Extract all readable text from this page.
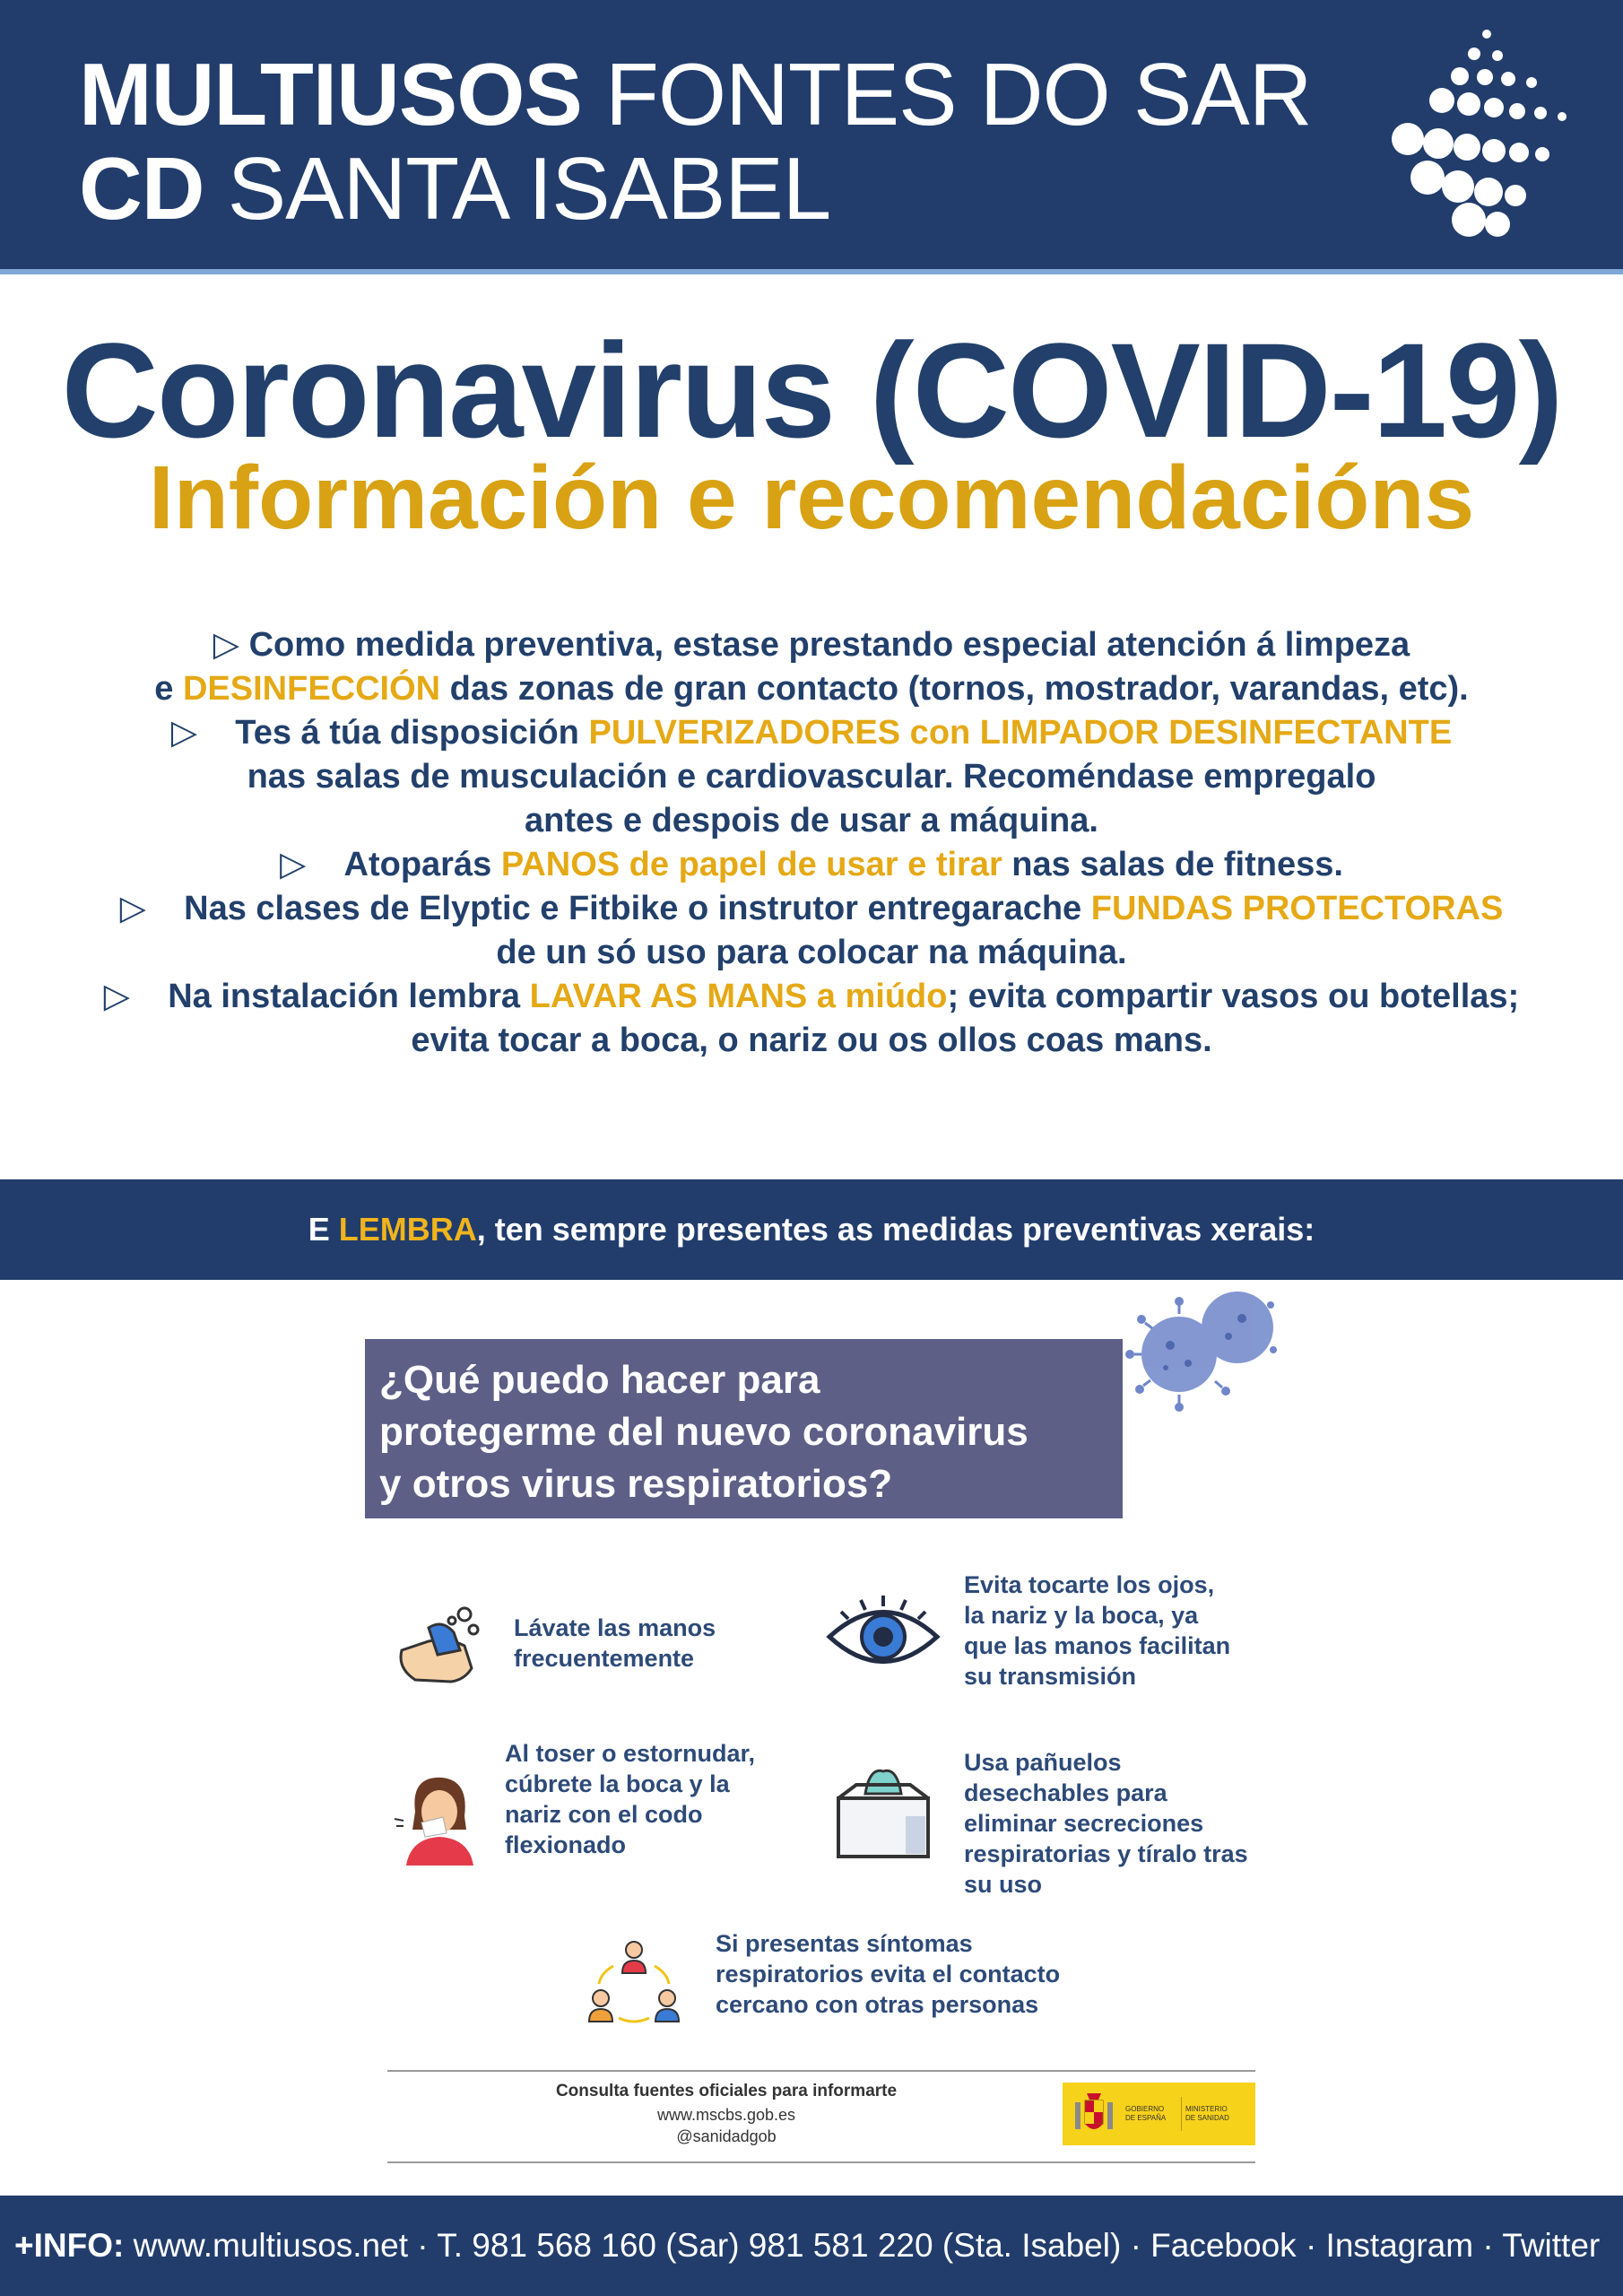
MULTIUSOS FONTES DO SAR
CD SANTA ISABEL
Coronavirus (COVID-19)
Información e recomendacións

▷ Como medida preventiva, estase prestando especial atención á limpeza

e DESINFECCIÓN das zonas de gran contacto (tornos, mostrador, varandas, etc).

▷    Tes á túa disposición PULVERIZADORES con LIMPADOR DESINFECTANTE

nas salas de musculación e cardiovascular. Recoméndase empregalo

antes e despois de usar a máquina.

▷    Atoparás PANOS de papel de usar e tirar nas salas de fitness.

▷    Nas clases de Elyptic e Fitbike o instrutor entregarache FUNDAS PROTECTORAS

de un só uso para colocar na máquina.

▷    Na instalación lembra LAVAR AS MANS a miúdo; evita compartir vasos ou botellas;

evita tocar a boca, o nariz ou os ollos coas mans.

E LEMBRA, ten sempre presentes as medidas preventivas xerais:
¿Qué puedo hacer para
protegerme del nuevo coronavirus
y otros virus respiratorios?
Lávate las manos
frecuentemente
Evita tocarte los ojos,
la nariz y la boca, ya
que las manos facilitan
su transmisión
Al toser o estornudar,
cúbrete la boca y la
nariz con el codo
flexionado
Usa pañuelos
desechables para
eliminar secreciones
respiratorias y tíralo tras
su uso
Si presentas síntomas
respiratorios evita el contacto
cercano con otras personas
Consulta fuentes oficiales para informarte
www.mscbs.gob.es
@sanidadgob
GOBIERNO
DE ESPAÑA
MINISTERIO
DE SANIDAD
+INFO: www.multiusos.net · T. 981 568 160 (Sar) 981 581 220 (Sta. Isabel) · Facebook · Instagram · Twitter
